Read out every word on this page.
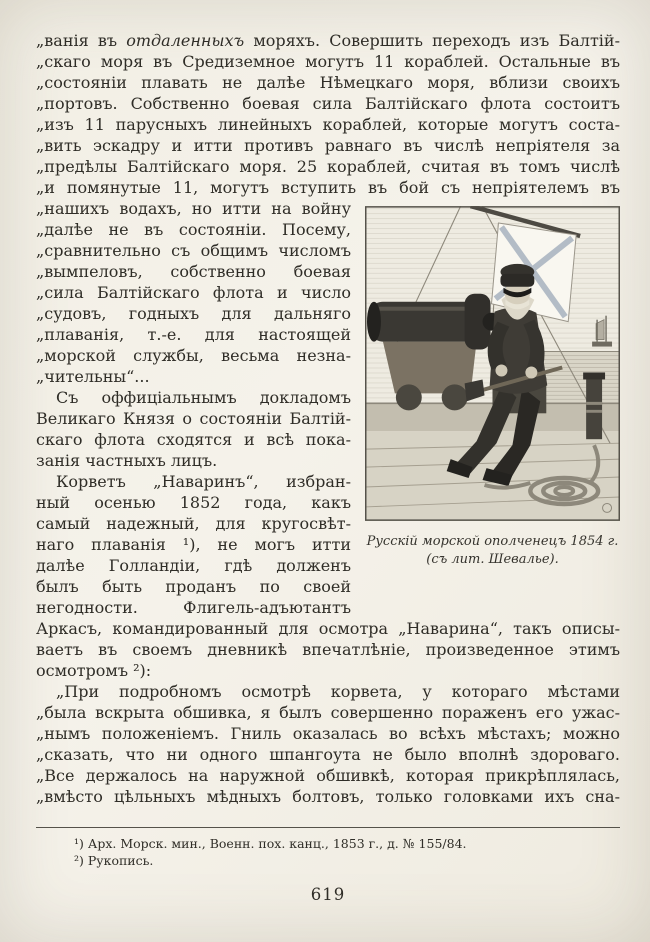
„ванія въ отдаленныхъ моряхъ. Совершить переходъ изъ Балтій-
„скаго моря въ Средиземное могутъ 11 кораблей. Остальные въ
„состояніи плавать не далѣе Нѣмецкаго моря, вблизи своихъ
„портовъ. Собственно боевая сила Балтійскаго флота состоитъ
„изъ 11 парусныхъ линейныхъ кораблей, которые могутъ соста-
„вить эскадру и итти противъ равнаго въ числѣ непріятеля за
„предѣлы Балтійскаго моря. 25 кораблей, считая въ томъ числѣ
„и помянутые 11, могутъ вступить въ бой съ непріятелемъ въ
„нашихъ водахъ, но итти на войну
„далѣе не въ состояніи. Посему,
„сравнительно съ общимъ числомъ
„вымпеловъ, собственно боевая
„сила Балтійскаго флота и число
„судовъ, годныхъ для дальняго
„плаванія, т.-е. для настоящей
„морской службы, весьма незна-
„чительны“...
Съ оффиціальнымъ докладомъ
Великаго Князя о состояніи Балтій-
скаго флота сходятся и всѣ пока-
занія частныхъ лицъ.
Корветъ „Наваринъ“, избран-
ный осенью 1852 года, какъ
самый надежный, для кругосвѣт-
наго плаванія ¹), не могъ итти
далѣе Голландіи, гдѣ долженъ
былъ быть проданъ по своей
негодности. Флигель-адъютантъ
Русскій морской ополченецъ 1854 г.
(съ лит. Шевалье).
Аркасъ, командированный для осмотра „Наварина“, такъ описы-
ваетъ въ своемъ дневникѣ впечатлѣніе, произведенное этимъ
осмотромъ ²):
„При подробномъ осмотрѣ корвета, у котораго мѣстами
„была вскрыта обшивка, я былъ совершенно пораженъ его ужас-
„нымъ положеніемъ. Гниль оказалась во всѣхъ мѣстахъ; можно
„сказать, что ни одного шпангоута не было вполнѣ здороваго.
„Все держалось на наружной обшивкѣ, которая прикрѣплялась,
„вмѣсто цѣльныхъ мѣдныхъ болтовъ, только головками ихъ сна-
¹) Арх. Морск. мин., Военн. пох. канц., 1853 г., д. № 155/84.
²) Рукопись.
619
